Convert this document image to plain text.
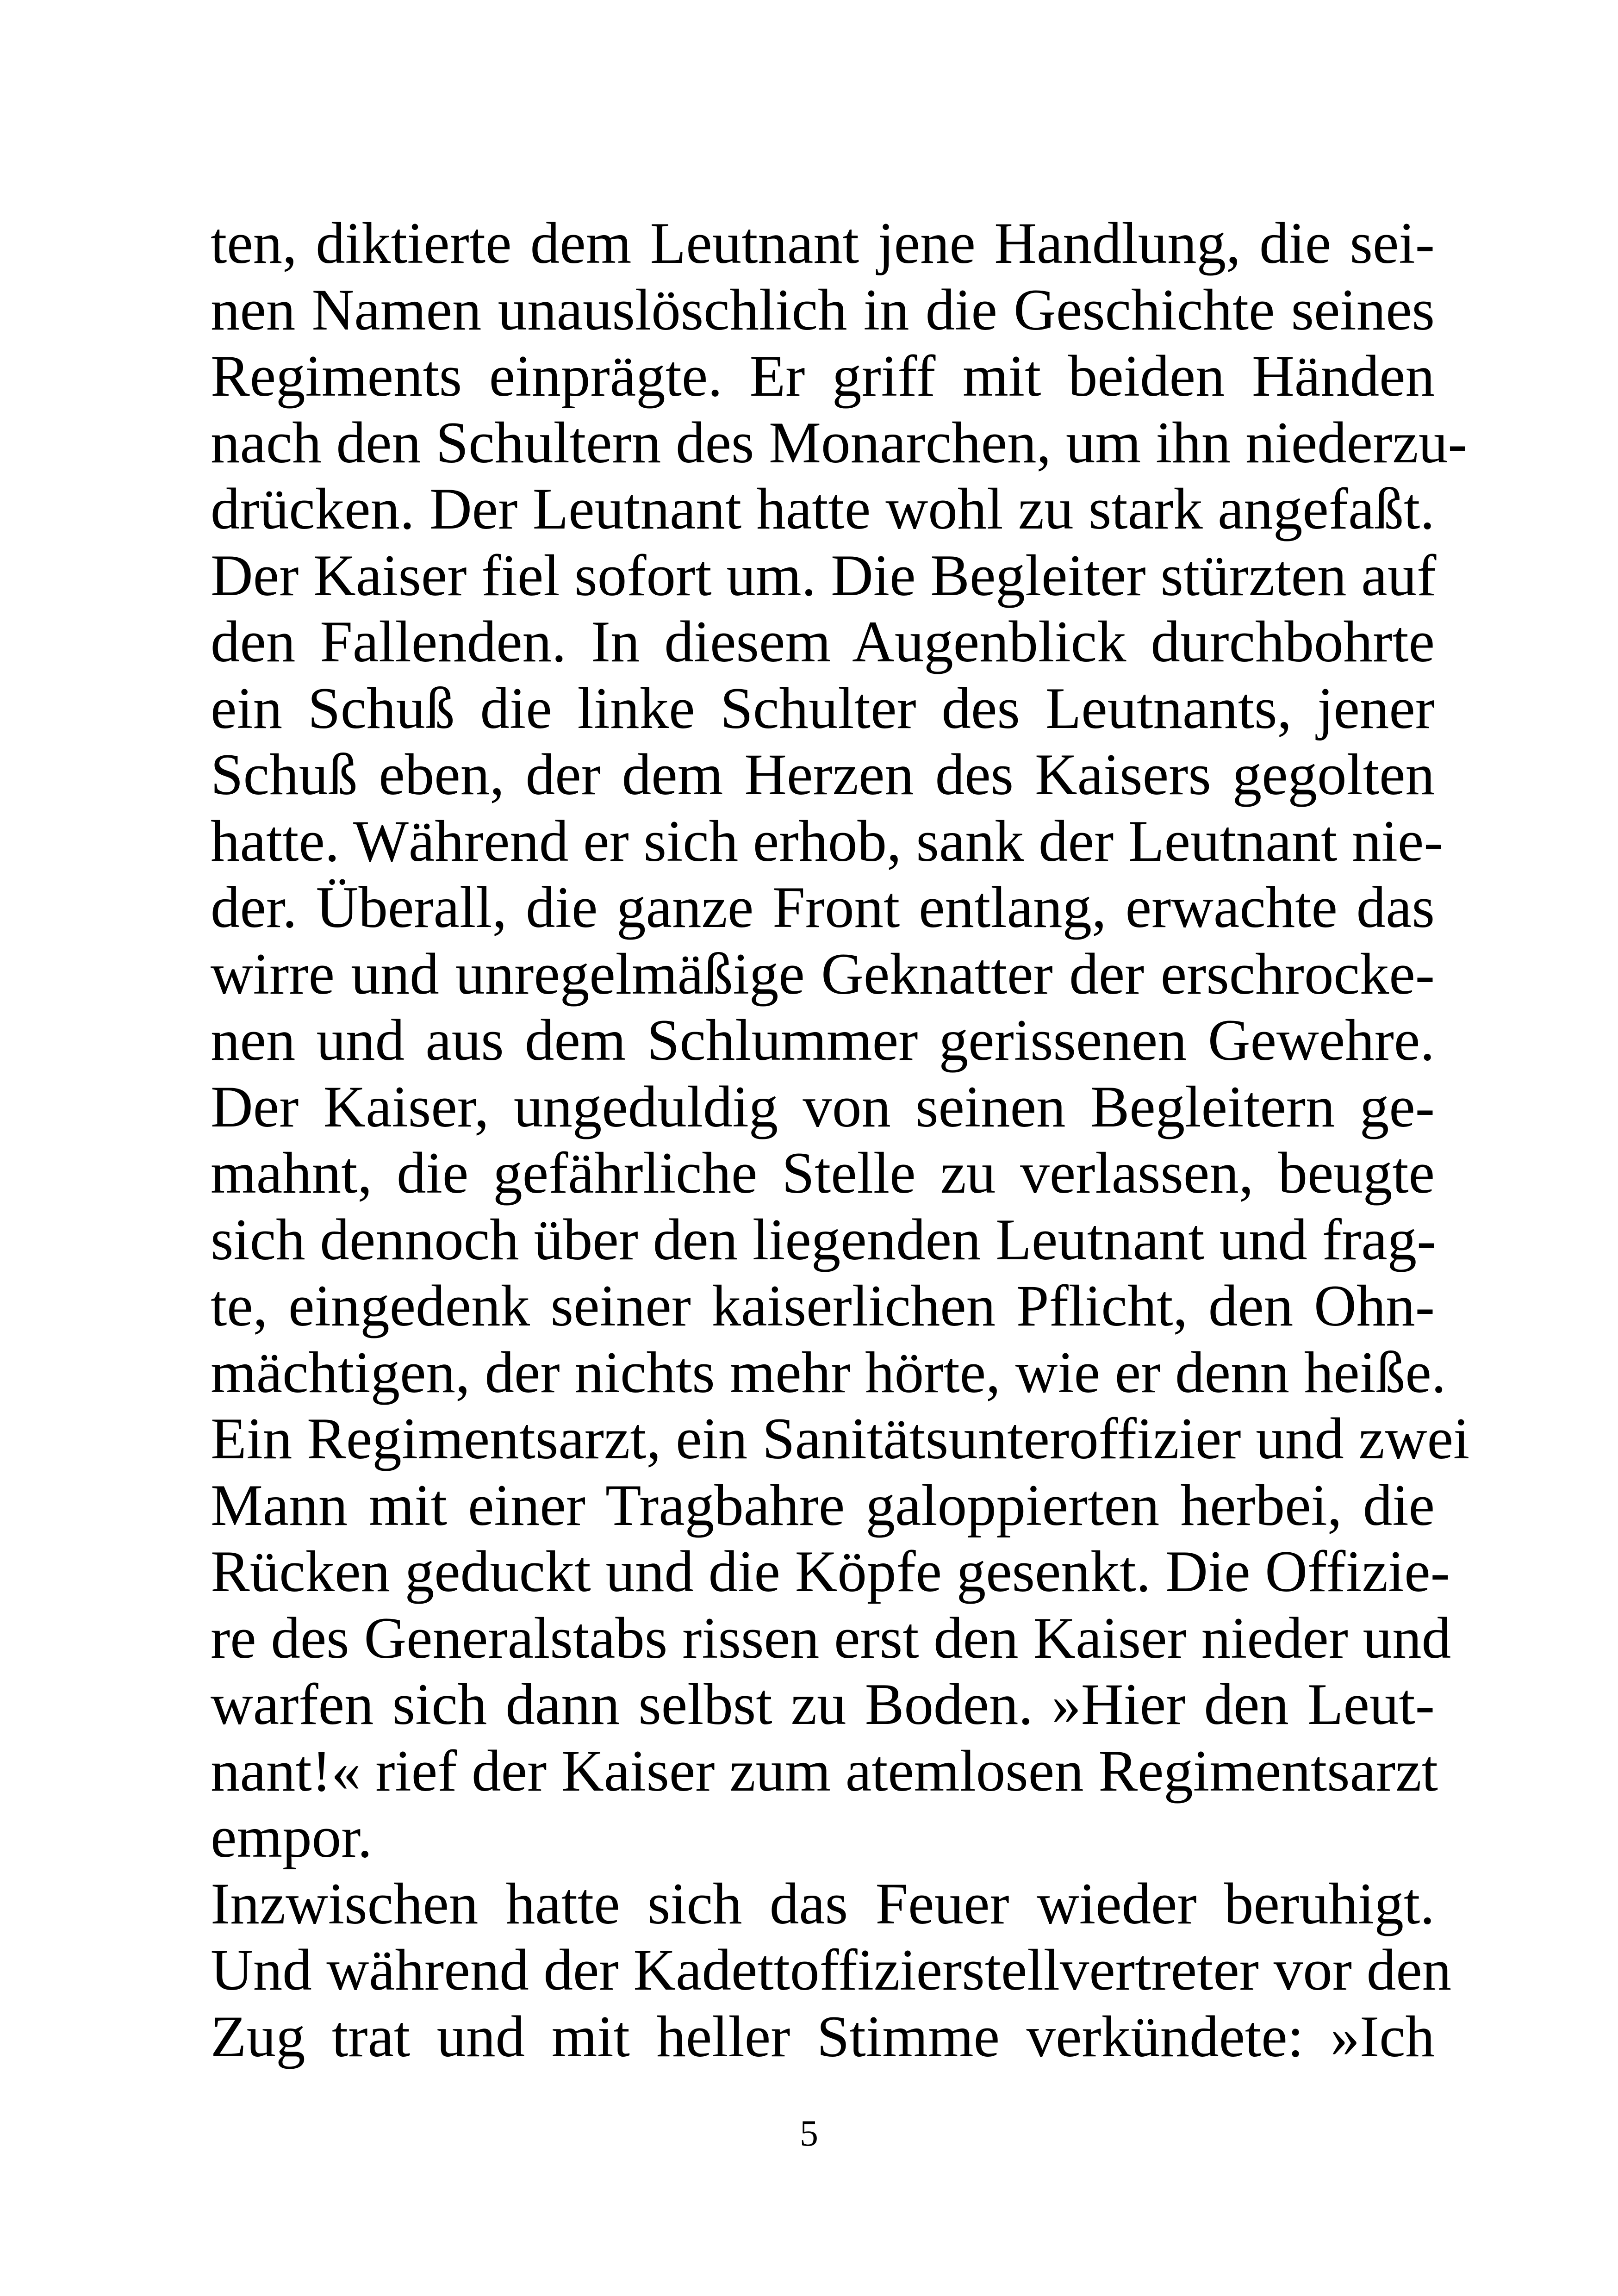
ten, diktierte dem Leutnant jene Handlung, die sei-
nen Namen unauslöschlich in die Geschichte seines
Regiments einprägte. Er griff mit beiden Händen
nach den Schultern des Monarchen, um ihn niederzu-
drücken. Der Leutnant hatte wohl zu stark angefaßt.
Der Kaiser fiel sofort um. Die Begleiter stürzten auf
den Fallenden. In diesem Augenblick durchbohrte
ein Schuß die linke Schulter des Leutnants, jener
Schuß eben, der dem Herzen des Kaisers gegolten
hatte. Während er sich erhob, sank der Leutnant nie-
der. Überall, die ganze Front entlang, erwachte das
wirre und unregelmäßige Geknatter der erschrocke-
nen und aus dem Schlummer gerissenen Gewehre.
Der Kaiser, ungeduldig von seinen Begleitern ge-
mahnt, die gefährliche Stelle zu verlassen, beugte
sich dennoch über den liegenden Leutnant und frag-
te, eingedenk seiner kaiserlichen Pflicht, den Ohn-
mächtigen, der nichts mehr hörte, wie er denn heiße.
Ein Regimentsarzt, ein Sanitätsunteroffizier und zwei
Mann mit einer Tragbahre galoppierten herbei, die
Rücken geduckt und die Köpfe gesenkt. Die Offizie-
re des Generalstabs rissen erst den Kaiser nieder und
warfen sich dann selbst zu Boden. »Hier den Leut-
nant!« rief der Kaiser zum atemlosen Regimentsarzt
empor.
Inzwischen hatte sich das Feuer wieder beruhigt.
Und während der Kadettoffizierstellvertreter vor den
Zug trat und mit heller Stimme verkündete: »Ich
5
